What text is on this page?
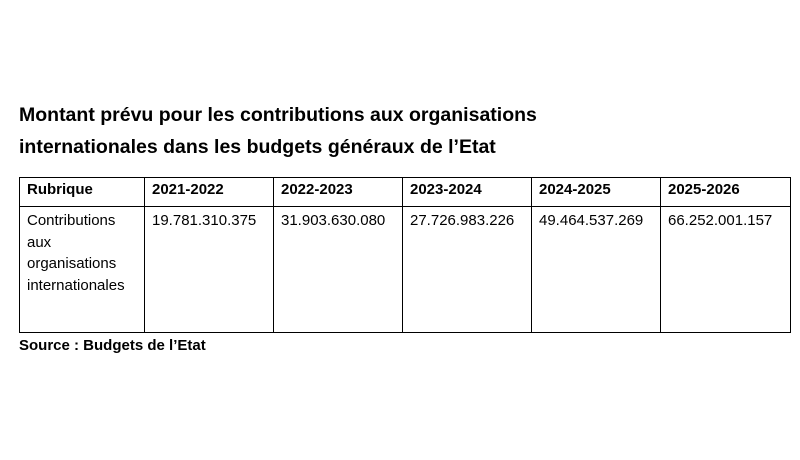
Montant prévu pour les contributions aux organisations
internationales dans les budgets généraux de l’Etat
Rubrique	2021-2022	2022-2023	2023-2024	2024-2025	2025-2026
Contributions aux organisations internationales	19.781.310.375	31.903.630.080	27.726.983.226	49.464.537.269	66.252.001.157

Source : Budgets de l’Etat
